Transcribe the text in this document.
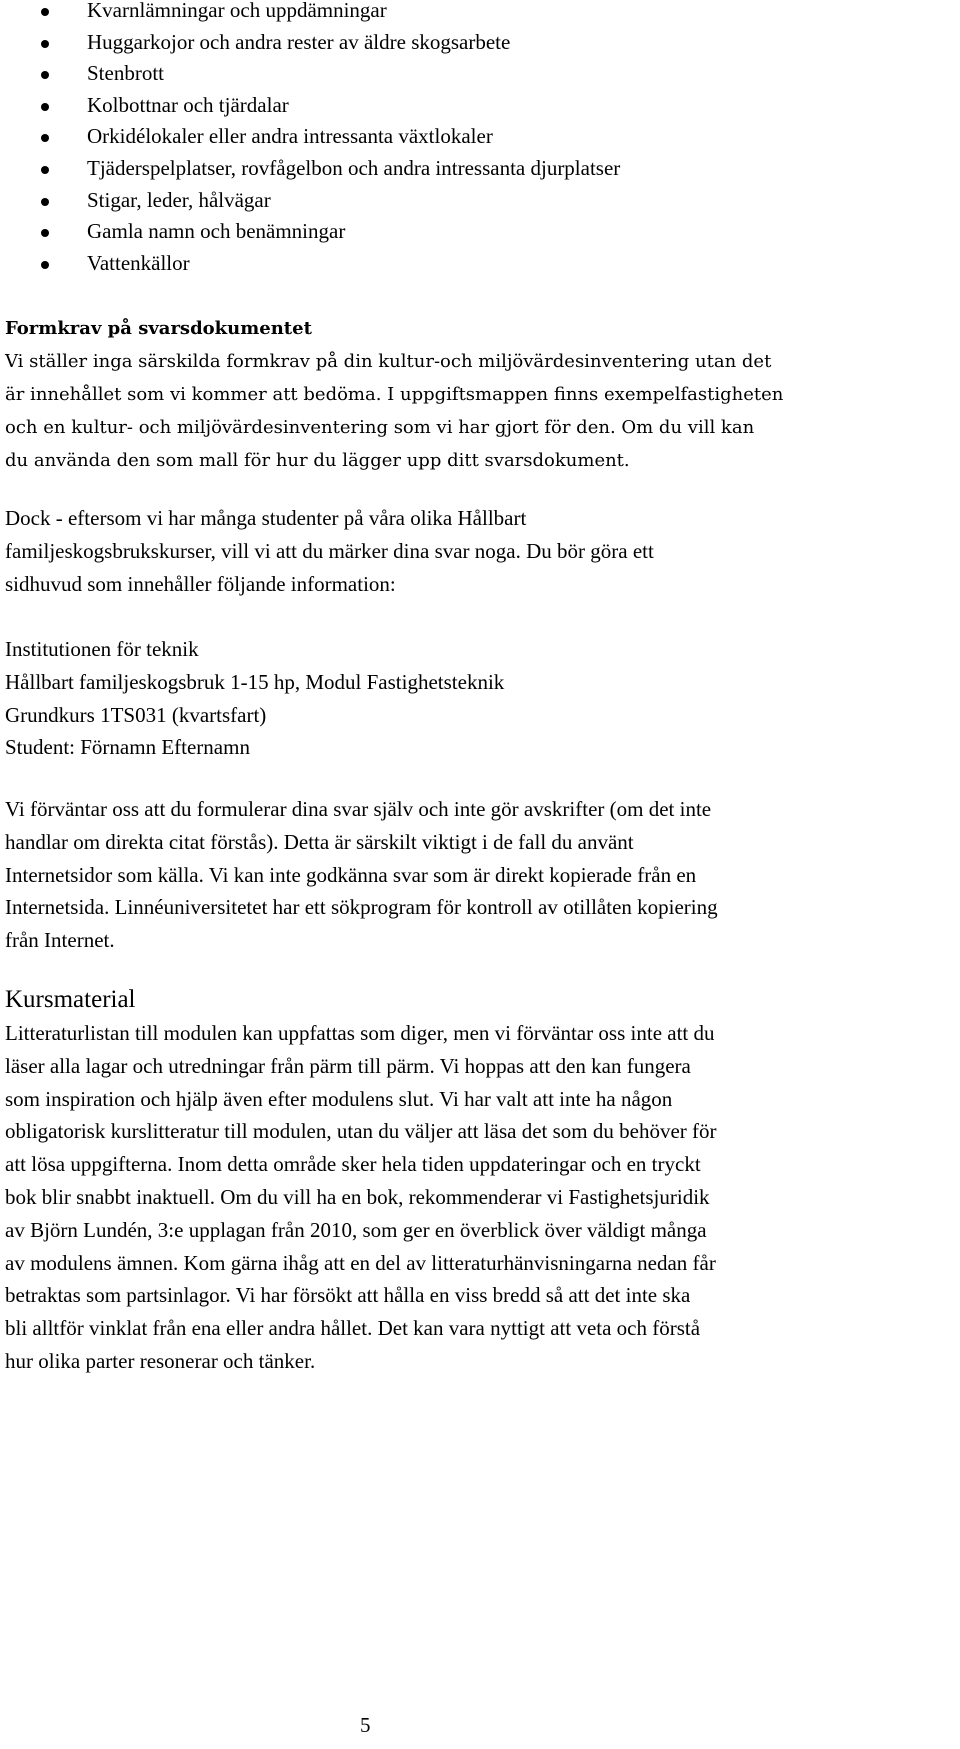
Kvarnlämningar och uppdämningar
Huggarkojor och andra rester av äldre skogsarbete
Stenbrott
Kolbottnar och tjärdalar
Orkidélokaler eller andra intressanta växtlokaler
Tjäderspelplatser, rovfågelbon och andra intressanta djurplatser
Stigar, leder, hålvägar
Gamla namn och benämningar
Vattenkällor
Formkrav på svarsdokumentet
Vi ställer inga särskilda formkrav på din kultur-och miljövärdesinventering utan det
är innehållet som vi kommer att bedöma. I uppgiftsmappen finns exempelfastigheten
och en kultur- och miljövärdesinventering som vi har gjort för den. Om du vill kan
du använda den som mall för hur du lägger upp ditt svarsdokument.
Dock - eftersom vi har många studenter på våra olika Hållbart
familjeskogsbrukskurser, vill vi att du märker dina svar noga. Du bör göra ett
sidhuvud som innehåller följande information:
Institutionen för teknik
Hållbart familjeskogsbruk 1-15 hp, Modul Fastighetsteknik
Grundkurs 1TS031 (kvartsfart)
Student: Förnamn Efternamn
Vi förväntar oss att du formulerar dina svar själv och inte gör avskrifter (om det inte
handlar om direkta citat förstås). Detta är särskilt viktigt i de fall du använt
Internetsidor som källa. Vi kan inte godkänna svar som är direkt kopierade från en
Internetsida. Linnéuniversitetet har ett sökprogram för kontroll av otillåten kopiering
från Internet.
Kursmaterial
Litteraturlistan till modulen kan uppfattas som diger, men vi förväntar oss inte att du
läser alla lagar och utredningar från pärm till pärm. Vi hoppas att den kan fungera
som inspiration och hjälp även efter modulens slut. Vi har valt att inte ha någon
obligatorisk kurslitteratur till modulen, utan du väljer att läsa det som du behöver för
att lösa uppgifterna. Inom detta område sker hela tiden uppdateringar och en tryckt
bok blir snabbt inaktuell. Om du vill ha en bok, rekommenderar vi Fastighetsjuridik
av Björn Lundén, 3:e upplagan från 2010, som ger en överblick över väldigt många
av modulens ämnen. Kom gärna ihåg att en del av litteraturhänvisningarna nedan får
betraktas som partsinlagor. Vi har försökt att hålla en viss bredd så att det inte ska
bli alltför vinklat från ena eller andra hållet. Det kan vara nyttigt att veta och förstå
hur olika parter resonerar och tänker.
5
